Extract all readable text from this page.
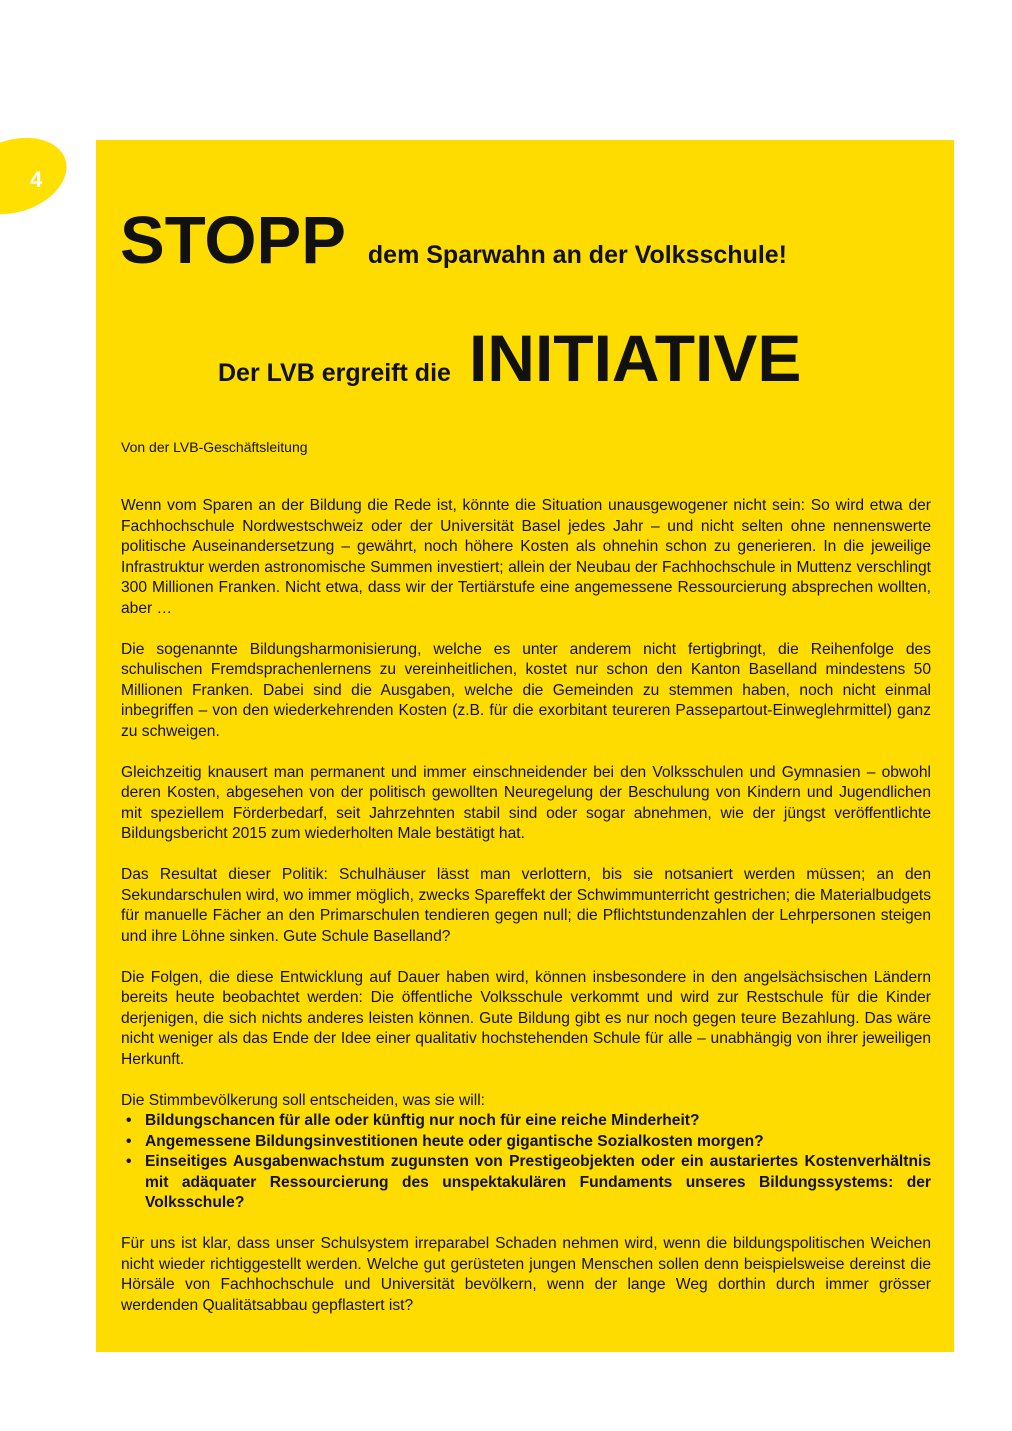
4
STOPP dem Sparwahn an der Volksschule!
Der LVB ergreift die INITIATIVE
Von der LVB-Geschäftsleitung

Wenn vom Sparen an der Bildung die Rede ist, könnte die Situation unausgewogener nicht sein: So wird etwa der Fachhochschule Nordwestschweiz oder der Universität Basel jedes Jahr – und nicht selten ohne nennenswerte politische Auseinandersetzung – gewährt, noch höhere Kosten als ohnehin schon zu generieren. In die jeweilige Infrastruktur werden astronomische Summen investiert; allein der Neubau der Fachhochschule in Muttenz verschlingt 300 Millionen Franken. Nicht etwa, dass wir der Tertiärstufe eine angemessene Ressourcierung absprechen wollten, aber …

Die sogenannte Bildungsharmonisierung, welche es unter anderem nicht fertigbringt, die Reihenfolge des schulischen Fremdsprachenlernens zu vereinheitlichen, kostet nur schon den Kanton Baselland mindestens 50 Millionen Franken. Dabei sind die Ausgaben, welche die Gemeinden zu stemmen haben, noch nicht einmal inbegriffen – von den wiederkehrenden Kosten (z.B. für die exorbitant teureren Passepartout-Einweglehrmittel) ganz zu schweigen.

Gleichzeitig knausert man permanent und immer einschneidender bei den Volksschulen und Gymnasien – obwohl deren Kosten, abgesehen von der politisch gewollten Neuregelung der Beschulung von Kindern und Jugendlichen mit speziellem Förderbedarf, seit Jahrzehnten stabil sind oder sogar abnehmen, wie der jüngst veröffentlichte Bildungsbericht 2015 zum wiederholten Male bestätigt hat.

Das Resultat dieser Politik: Schulhäuser lässt man verlottern, bis sie notsaniert werden müssen; an den Sekundarschulen wird, wo immer möglich, zwecks Spareffekt der Schwimmunterricht gestrichen; die Materialbudgets für manuelle Fächer an den Primarschulen tendieren gegen null; die Pflichtstundenzahlen der Lehrpersonen steigen und ihre Löhne sinken. Gute Schule Baselland?

Die Folgen, die diese Entwicklung auf Dauer haben wird, können insbesondere in den angelsächsischen Ländern bereits heute beobachtet werden: Die öffentliche Volksschule verkommt und wird zur Restschule für die Kinder derjenigen, die sich nichts anderes leisten können. Gute Bildung gibt es nur noch gegen teure Bezahlung. Das wäre nicht weniger als das Ende der Idee einer qualitativ hochstehenden Schule für alle – unabhängig von ihrer jeweiligen Herkunft.

Die Stimmbevölkerung soll entscheiden, was sie will:

• Bildungschancen für alle oder künftig nur noch für eine reiche Minderheit?
• Angemessene Bildungsinvestitionen heute oder gigantische Sozialkosten morgen?
• Einseitiges Ausgabenwachstum zugunsten von Prestigeobjekten oder ein austariertes Kostenverhältnis mit adäquater Ressourcierung des unspektakulären Fundaments unseres Bildungssystems: der Volksschule?

Für uns ist klar, dass unser Schulsystem irreparabel Schaden nehmen wird, wenn die bildungspolitischen Weichen nicht wieder richtiggestellt werden. Welche gut gerüsteten jungen Menschen sollen denn beispielsweise dereinst die Hörsäle von Fachhochschule und Universität bevölkern, wenn der lange Weg dorthin durch immer grösser werdenden Qualitätsabbau gepflastert ist?
